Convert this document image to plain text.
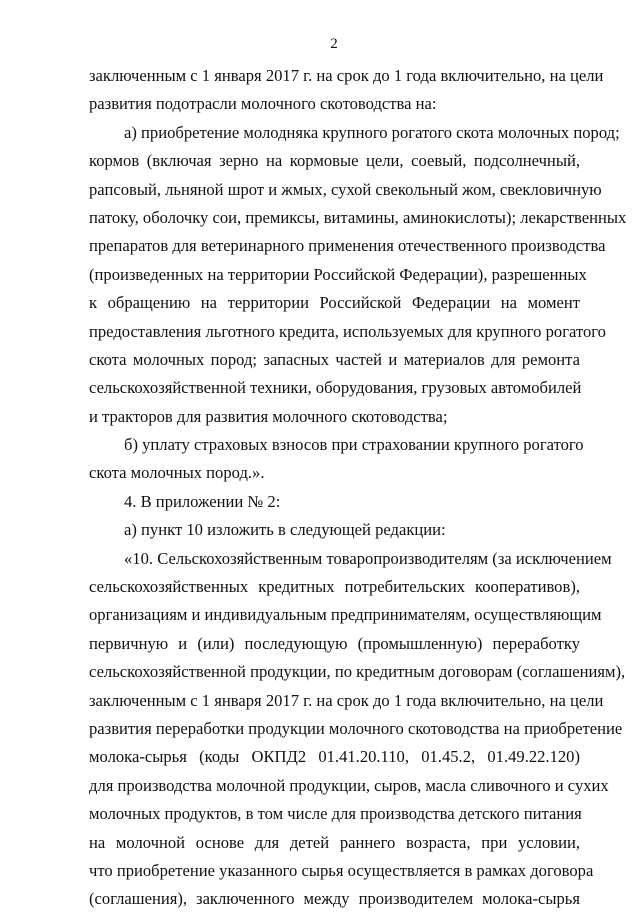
2
заключенным с 1 января 2017 г. на срок до 1 года включительно, на цели
развития подотрасли молочного скотоводства на:
а) приобретение молодняка крупного рогатого скота молочных пород;
кормов (включая зерно на кормовые цели, соевый, подсолнечный,
рапсовый, льняной шрот и жмых, сухой свекольный жом, свекловичную
патоку, оболочку сои, премиксы, витамины, аминокислоты); лекарственных
препаратов для ветеринарного применения отечественного производства
(произведенных на территории Российской Федерации), разрешенных
к обращению на территории Российской Федерации на момент
предоставления льготного кредита, используемых для крупного рогатого
скота молочных пород; запасных частей и материалов для ремонта
сельскохозяйственной техники, оборудования, грузовых автомобилей
и тракторов для развития молочного скотоводства;
б) уплату страховых взносов при страховании крупного рогатого
скота молочных пород.».
4. В приложении № 2:
а) пункт 10 изложить в следующей редакции:
«10. Сельскохозяйственным товаропроизводителям (за исключением
сельскохозяйственных кредитных потребительских кооперативов),
организациям и индивидуальным предпринимателям, осуществляющим
первичную и (или) последующую (промышленную) переработку
сельскохозяйственной продукции, по кредитным договорам (соглашениям),
заключенным с 1 января 2017 г. на срок до 1 года включительно, на цели
развития переработки продукции молочного скотоводства на приобретение
молока-сырья (коды ОКПД2 01.41.20.110, 01.45.2, 01.49.22.120)
для производства молочной продукции, сыров, масла сливочного и сухих
молочных продуктов, в том числе для производства детского питания
на молочной основе для детей раннего возраста, при условии,
что приобретение указанного сырья осуществляется в рамках договора
(соглашения), заключенного между производителем молока-сырья
